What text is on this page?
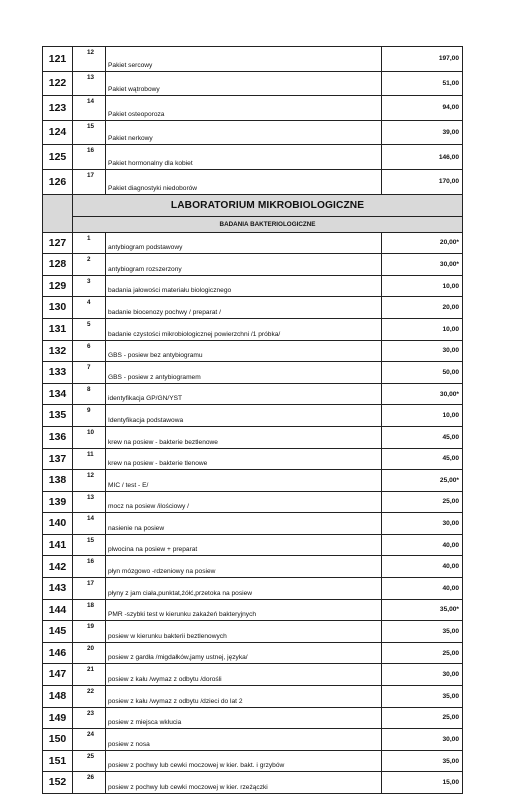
121	12	Pakiet sercowy	197,00
122	13	Pakiet wątrobowy	51,00
123	14	Pakiet osteoporoza	94,00
124	15	Pakiet nerkowy	39,00
125	16	Pakiet hormonalny dla kobiet	146,00
126	17	Pakiet diagnostyki niedoborów	170,00
	LABORATORIUM MIKROBIOLOGICZNE		
	BADANIA BAKTERIOLOGICZNE		
127	1	antybiogram podstawowy	20,00*
128	2	antybiogram rozszerzony	30,00*
129	3	badania jałowości materiału biologicznego	10,00
130	4	badanie biocenozy pochwy / preparat /	20,00
131	5	badanie czystości mikrobiologicznej powierzchni /1 próbka/	10,00
132	6	GBS - posiew bez antybiogramu	30,00
133	7	GBS - posiew z antybiogramem	50,00
134	8	identyfikacja GP/GN/YST	30,00*
135	9	Identyfikacja podstawowa	10,00
136	10	krew na posiew - bakterie beztlenowe	45,00
137	11	krew na posiew - bakterie tlenowe	45,00
138	12	MIC / test - E/	25,00*
139	13	mocz na posiew /ilościowy /	25,00
140	14	nasienie na posiew	30,00
141	15	plwocina na posiew + preparat	40,00
142	16	płyn mózgowo -rdzeniowy na posiew	40,00
143	17	płyny z jam ciała,punktat,żółć,przetoka na posiew	40,00
144	18	PMR -szybki test w kierunku zakażeń bakteryjnych	35,00*
145	19	posiew w kierunku bakterii beztlenowych	35,00
146	20	posiew z gardła /migdałków,jamy ustnej, języka/	25,00
147	21	posiew z kału /wymaz z odbytu /dorośli	30,00
148	22	posiew z kału /wymaz z odbytu /dzieci do lat 2	35,00
149	23	posiew z miejsca wkłucia	25,00
150	24	posiew z nosa	30,00
151	25	posiew z pochwy lub cewki moczowej w kier. bakt. i grzybów	35,00
152	26	posiew z pochwy lub cewki moczowej w kier. rzeżączki	15,00
